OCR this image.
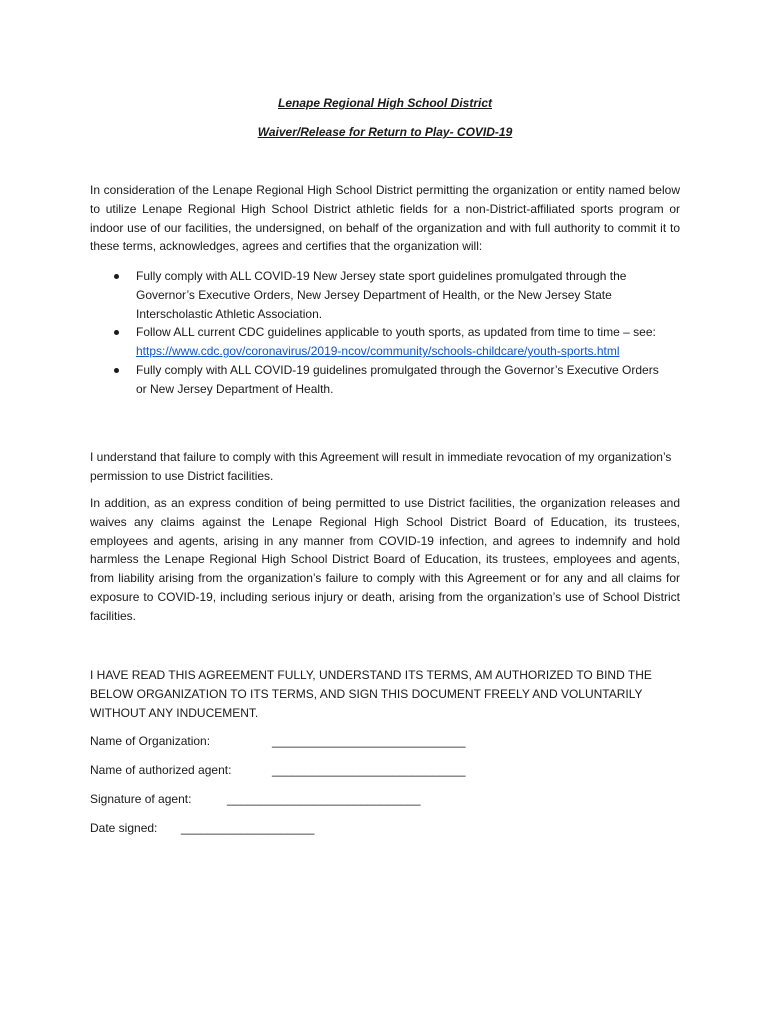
Lenape Regional High School District
Waiver/Release for Return to Play- COVID-19

In consideration of the Lenape Regional High School District permitting the organization or entity named below to utilize Lenape Regional High School District athletic fields for a non-District-affiliated sports program or indoor use of our facilities, the undersigned, on behalf of the organization and with full authority to commit it to these terms, acknowledges, agrees and certifies that the organization will:

Fully comply with ALL COVID-19 New Jersey state sport guidelines promulgated through the Governor’s Executive Orders, New Jersey Department of Health, or the New Jersey State Interscholastic Athletic Association.
Follow ALL current CDC guidelines applicable to youth sports, as updated from time to time – see: https://www.cdc.gov/coronavirus/2019-ncov/community/schools-childcare/youth-sports.html
Fully comply with ALL COVID-19 guidelines promulgated through the Governor’s Executive Orders or New Jersey Department of Health.

I understand that failure to comply with this Agreement will result in immediate revocation of my organization’s permission to use District facilities.

In addition, as an express condition of being permitted to use District facilities, the organization releases and waives any claims against the Lenape Regional High School District Board of Education, its trustees, employees and agents, arising in any manner from COVID-19 infection, and agrees to indemnify and hold harmless the Lenape Regional High School District Board of Education, its trustees, employees and agents, from liability arising from the organization’s failure to comply with this Agreement or for any and all claims for exposure to COVID-19, including serious injury or death, arising from the organization’s use of School District facilities.

I HAVE READ THIS AGREEMENT FULLY, UNDERSTAND ITS TERMS, AM AUTHORIZED TO BIND THE BELOW ORGANIZATION TO ITS TERMS, AND SIGN THIS DOCUMENT FREELY AND VOLUNTARILY WITHOUT ANY INDUCEMENT.

Name of Organization:	_____________________________
Name of authorized agent:	_____________________________
Signature of agent:	_____________________________
Date signed: ____________________
